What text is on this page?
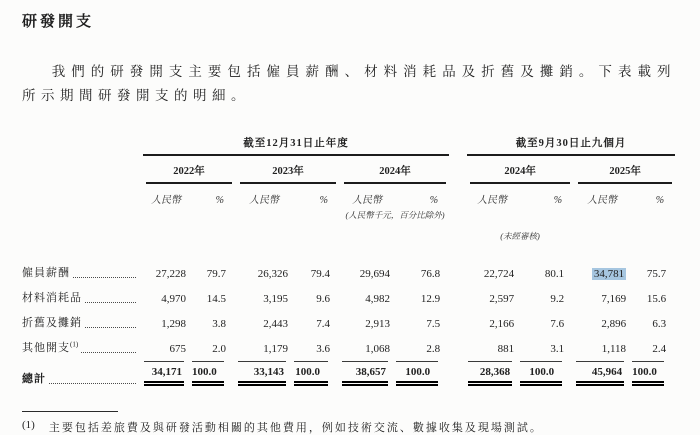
研發開支

我們的研發開支主要包括僱員薪酬、材料消耗品及折舊及攤銷。下表載列所示期間研發開支的明細。

	截至12月31日止年度							截至9月30日止九個月			

	2022年		2023年		2024年			2024年		2025年	

	人民幣	%	人民幣	%	人民幣	%		人民幣	%	人民幣	%
					(人民幣千元，百分比除外)						
								(未經審核)			

僱員薪酬	27,228	79.7	26,326	79.4	29,694	76.8		22,724	80.1	34,781	75.7

材料消耗品	4,970	14.5	3,195	9.6	4,982	12.9		2,597	9.2	7,169	15.6

折舊及攤銷	1,298	3.8	2,443	7.4	2,913	7.5		2,166	7.6	2,896	6.3

其他開支$^{(1)}$	675	2.0	1,179	3.6	1,068	2.8		881	3.1	1,118	2.4

總計	34,171	100.0	33,143	100.0	38,657	100.0		28,368	100.0	45,964	100.0

(1) 主要包括差旅費及與研發活動相關的其他費用，例如技術交流、數據收集及現場測試。
